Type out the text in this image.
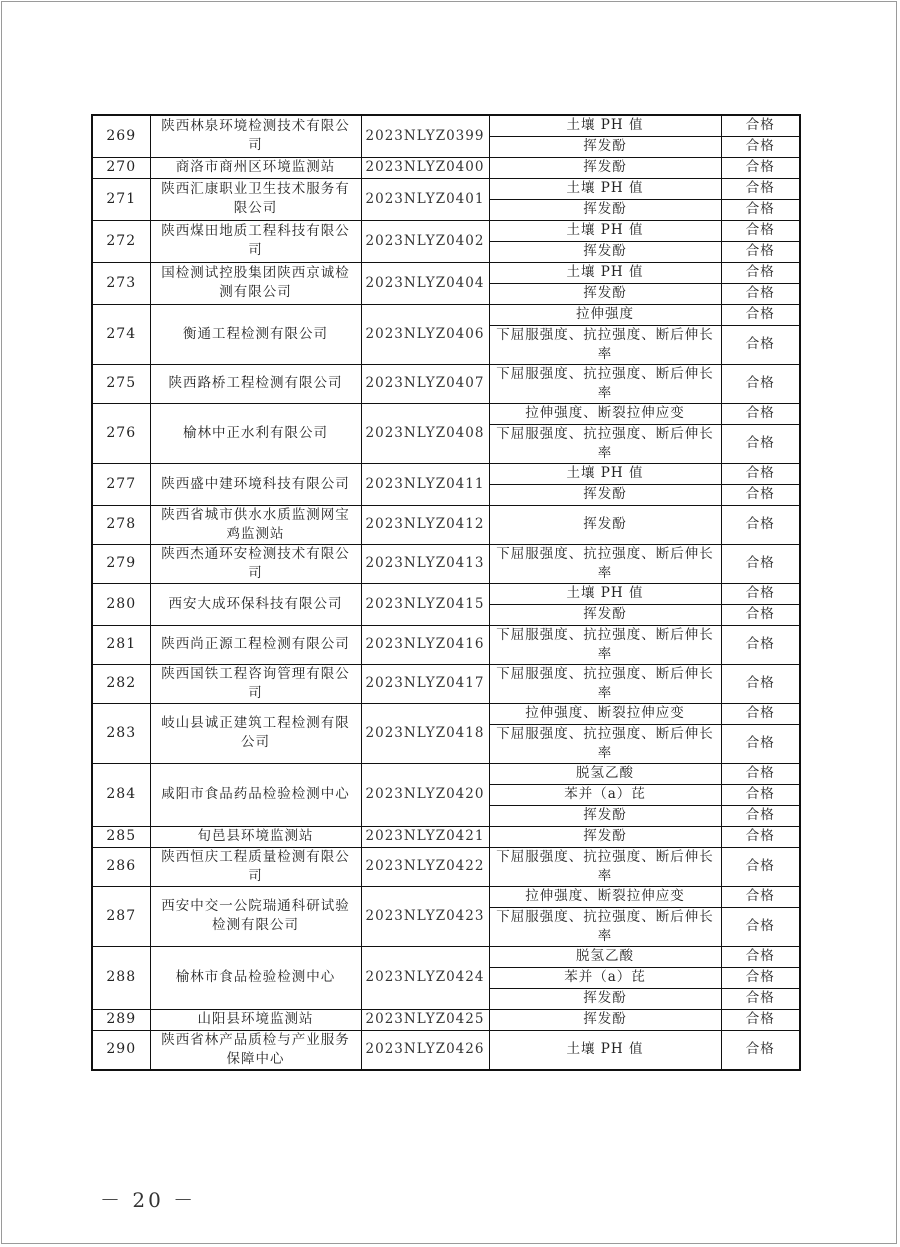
269	陕西林泉环境检测技术有限公司	2023NLYZ0399	土壤 PH 值	合格
			挥发酚	合格
270	商洛市商州区环境监测站	2023NLYZ0400	挥发酚	合格
271	陕西汇康职业卫生技术服务有限公司	2023NLYZ0401	土壤 PH 值	合格
			挥发酚	合格
272	陕西煤田地质工程科技有限公司	2023NLYZ0402	土壤 PH 值	合格
			挥发酚	合格
273	国检测试控股集团陕西京诚检测有限公司	2023NLYZ0404	土壤 PH 值	合格
			挥发酚	合格
274	衡通工程检测有限公司	2023NLYZ0406	拉伸强度	合格
			下屈服强度、抗拉强度、断后伸长率	合格
275	陕西路桥工程检测有限公司	2023NLYZ0407	下屈服强度、抗拉强度、断后伸长率	合格
276	榆林中正水利有限公司	2023NLYZ0408	拉伸强度、断裂拉伸应变	合格
			下屈服强度、抗拉强度、断后伸长率	合格
277	陕西盛中建环境科技有限公司	2023NLYZ0411	土壤 PH 值	合格
			挥发酚	合格
278	陕西省城市供水水质监测网宝鸡监测站	2023NLYZ0412	挥发酚	合格
279	陕西杰通环安检测技术有限公司	2023NLYZ0413	下屈服强度、抗拉强度、断后伸长率	合格
280	西安大成环保科技有限公司	2023NLYZ0415	土壤 PH 值	合格
			挥发酚	合格
281	陕西尚正源工程检测有限公司	2023NLYZ0416	下屈服强度、抗拉强度、断后伸长率	合格
282	陕西国铁工程咨询管理有限公司	2023NLYZ0417	下屈服强度、抗拉强度、断后伸长率	合格
283	岐山县诚正建筑工程检测有限公司	2023NLYZ0418	拉伸强度、断裂拉伸应变	合格
			下屈服强度、抗拉强度、断后伸长率	合格
284	咸阳市食品药品检验检测中心	2023NLYZ0420	脱氢乙酸	合格
			苯并（a）芘	合格
			挥发酚	合格
285	旬邑县环境监测站	2023NLYZ0421	挥发酚	合格
286	陕西恒庆工程质量检测有限公司	2023NLYZ0422	下屈服强度、抗拉强度、断后伸长率	合格
287	西安中交一公院瑞通科研试验检测有限公司	2023NLYZ0423	拉伸强度、断裂拉伸应变	合格
			下屈服强度、抗拉强度、断后伸长率	合格
288	榆林市食品检验检测中心	2023NLYZ0424	脱氢乙酸	合格
			苯并（a）芘	合格
			挥发酚	合格
289	山阳县环境监测站	2023NLYZ0425	挥发酚	合格
290	陕西省林产品质检与产业服务保障中心	2023NLYZ0426	土壤 PH 值	合格
－ 20 －
